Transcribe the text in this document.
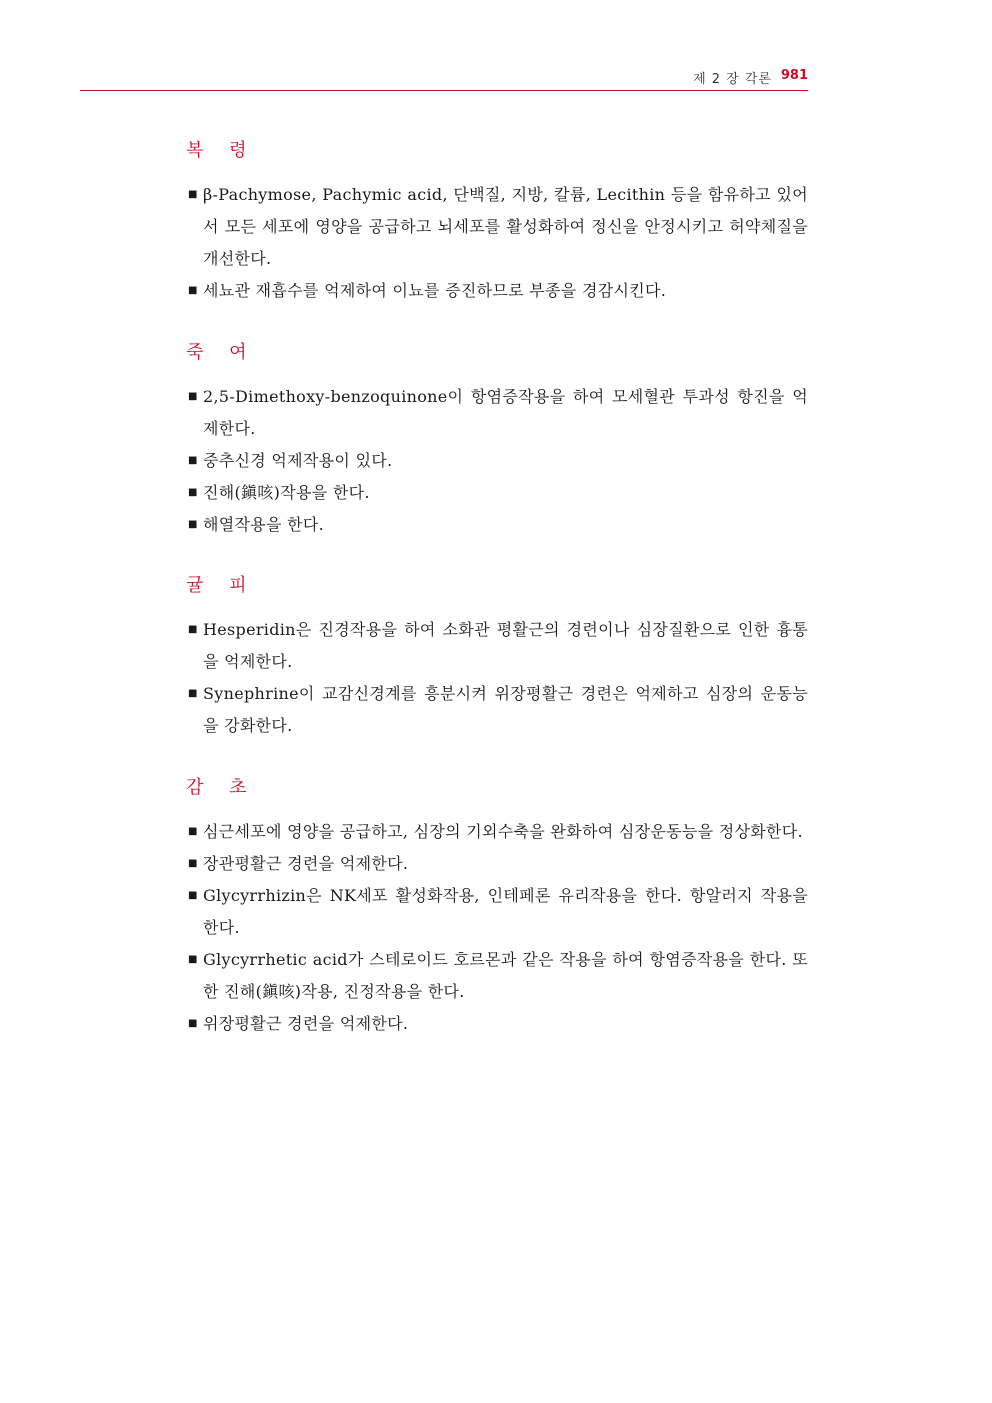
제 2 장 각론 981
복 령
■ β-Pachymose, Pachymic acid, 단백질, 지방, 칼륨, Lecithin 등을 함유하고 있어서 모든 세포에 영양을 공급하고 뇌세포를 활성화하여 정신을 안정시키고 허약체질을 개선한다.
■ 세뇨관 재흡수를 억제하여 이뇨를 증진하므로 부종을 경감시킨다.
죽 여
■ 2,5-Dimethoxy-benzoquinone이 항염증작용을 하여 모세혈관 투과성 항진을 억제한다.
■ 중추신경 억제작용이 있다.
■ 진해(鎭咳)작용을 한다.
■ 해열작용을 한다.
귤 피
■ Hesperidin은 진경작용을 하여 소화관 평활근의 경련이나 심장질환으로 인한 흉통을 억제한다.
■ Synephrine이 교감신경계를 흥분시켜 위장평활근 경련은 억제하고 심장의 운동능을 강화한다.
감 초
■ 심근세포에 영양을 공급하고, 심장의 기외수축을 완화하여 심장운동능을 정상화한다.
■ 장관평활근 경련을 억제한다.
■ Glycyrrhizin은 NK세포 활성화작용, 인테페론 유리작용을 한다. 항알러지 작용을 한다.
■ Glycyrrhetic acid가 스테로이드 호르몬과 같은 작용을 하여 항염증작용을 한다. 또한 진해(鎭咳)작용, 진정작용을 한다.
■ 위장평활근 경련을 억제한다.
